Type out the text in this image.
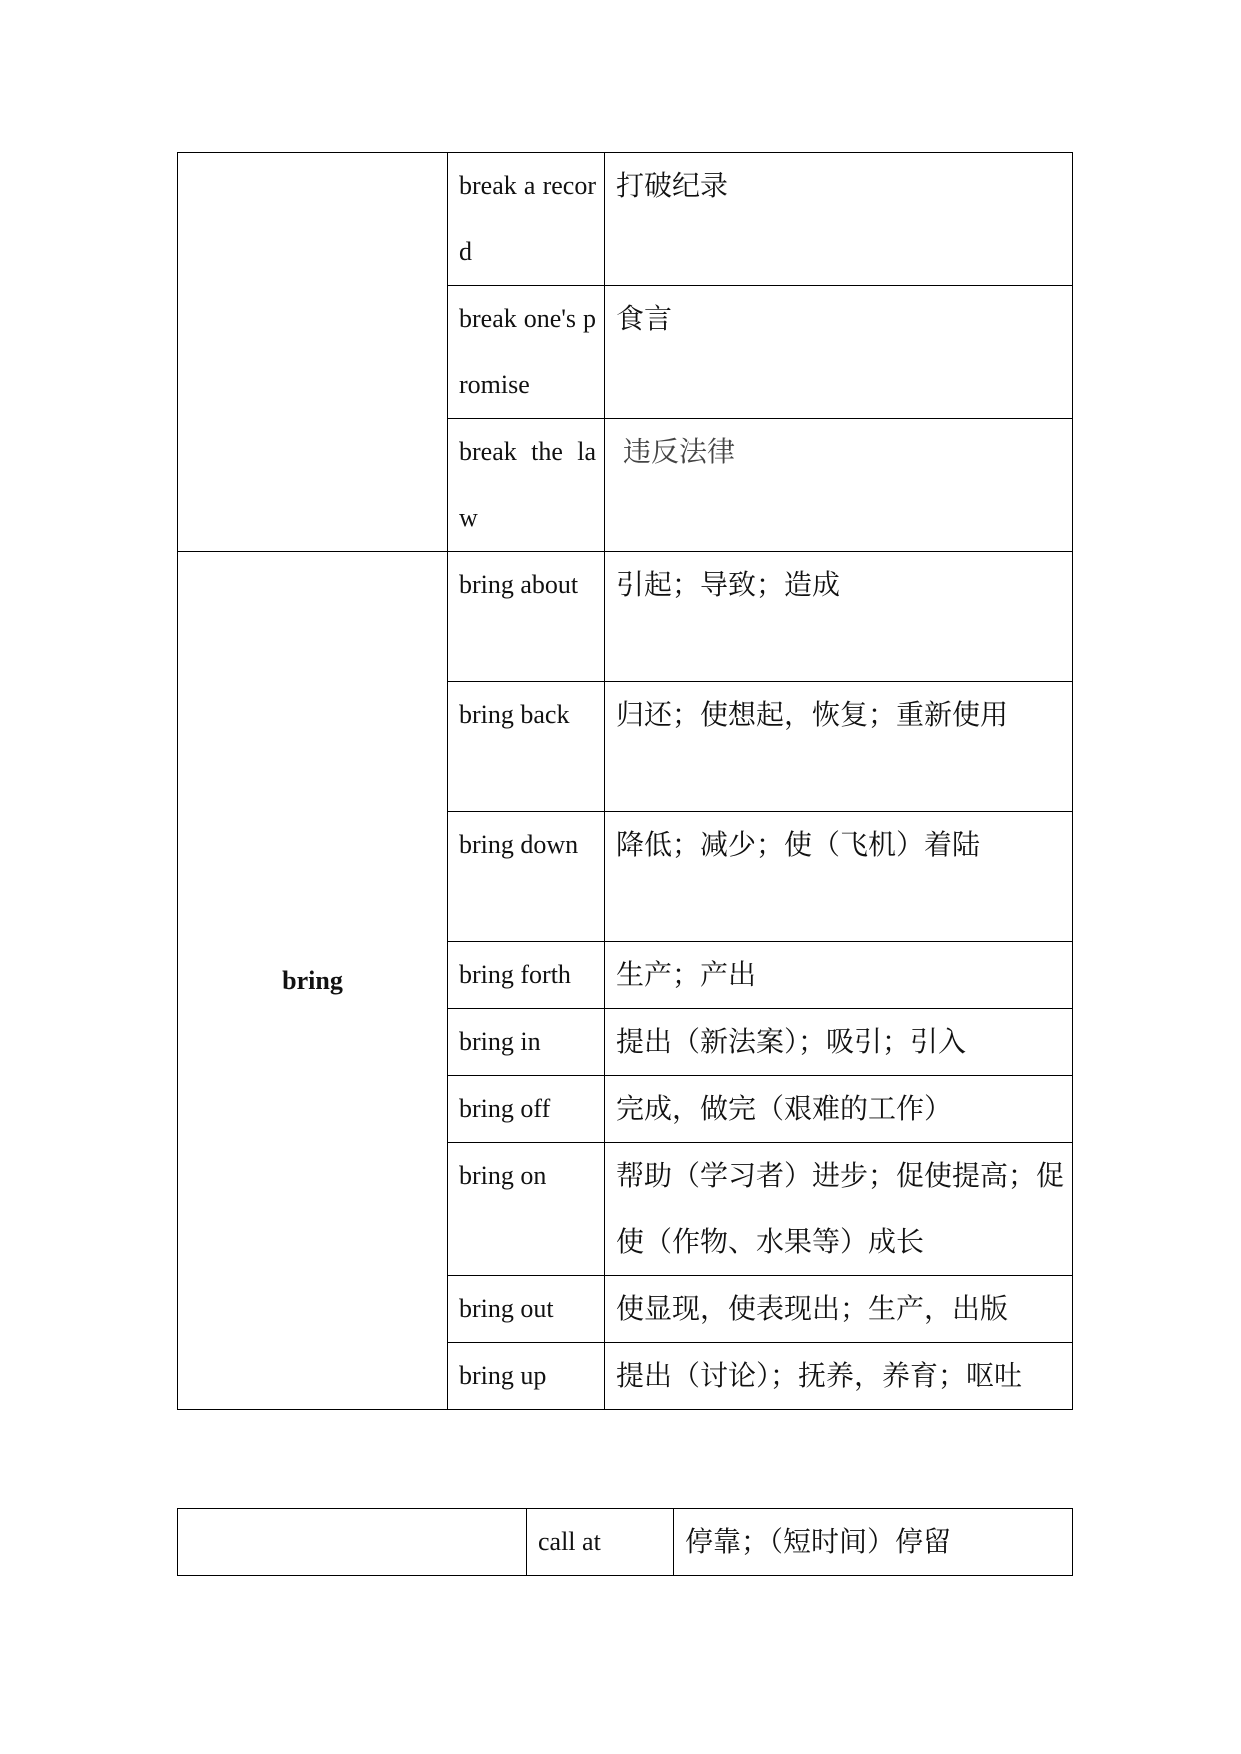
	break a record	打破纪录
	break one's promise	食言
	break the law	违反法律
bring	bring about	引起；导致；造成
	bring back	归还；使想起，恢复；重新使用
	bring down	降低；减少；使（飞机）着陆
	bring forth	生产；产出
	bring in	提出（新法案）；吸引；引入
	bring off	完成，做完（艰难的工作）
	bring on	帮助（学习者）进步；促使提高；促使（作物、水果等）成长
	bring out	使显现，使表现出；生产，出版
	bring up	提出（讨论）；抚养，养育；呕吐
	call at	停靠；（短时间）停留
